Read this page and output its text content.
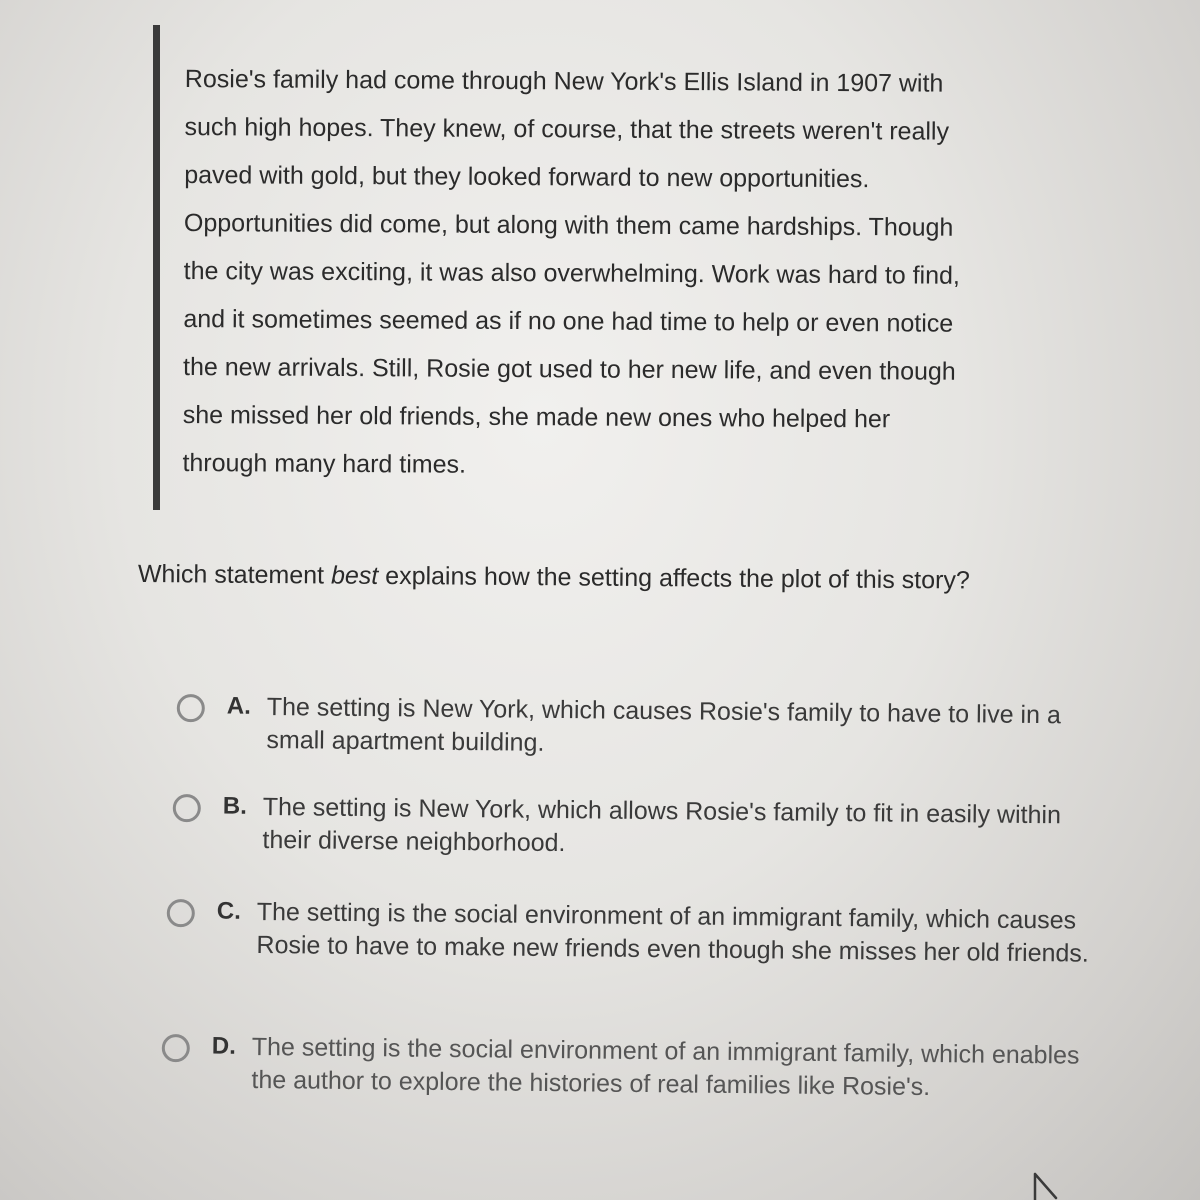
Rosie's family had come through New York's Ellis Island in 1907 with
such high hopes. They knew, of course, that the streets weren't really
paved with gold, but they looked forward to new opportunities.
Opportunities did come, but along with them came hardships. Though
the city was exciting, it was also overwhelming. Work was hard to find,
and it sometimes seemed as if no one had time to help or even notice
the new arrivals. Still, Rosie got used to her new life, and even though
she missed her old friends, she made new ones who helped her
through many hard times.
Which statement best explains how the setting affects the plot of this story?
A. The setting is New York, which causes Rosie's family to have to live in a small apartment building.
B. The setting is New York, which allows Rosie's family to fit in easily within their diverse neighborhood.
C. The setting is the social environment of an immigrant family, which causes Rosie to have to make new friends even though she misses her old friends.
D. The setting is the social environment of an immigrant family, which enables the author to explore the histories of real families like Rosie's.
